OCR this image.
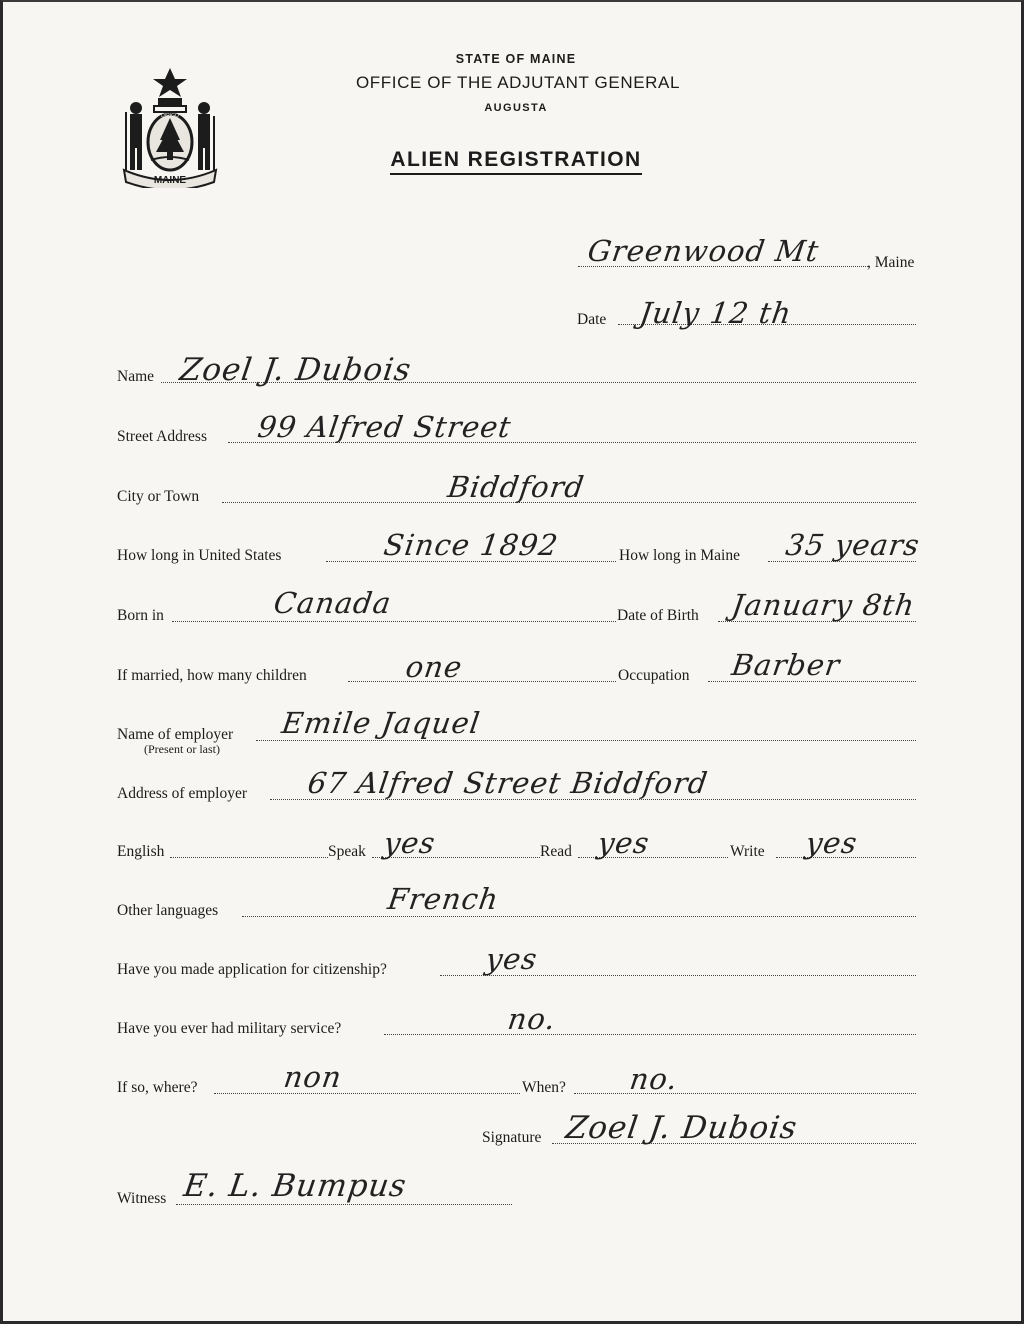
MAINE
DIRIGO
STATE OF MAINE
OFFICE OF THE ADJUTANT GENERAL
AUGUSTA
ALIEN REGISTRATION
Greenwood Mt	, Maine
Date July 12 th
Name Zoel J. Dubois
Street Address 99 Alfred Street
City or Town	Biddford
How long in United States	Since 1892	How long in Maine 35 years
Born in	Canada	Date of Birth January 8th
If married, how many children	one	Occupation Barber
Name of employer
(Present or last)
Emile Jaquel
Address of employer 67 Alfred Street Biddford
English	Speak yes	Read yes	Write yes
Other languages	French
Have you made application for citizenship?	yes
Have you ever had military service?	no.
If so, where?	non	When? no.
Signature Zoel J. Dubois
Witness E. L. Bumpus
